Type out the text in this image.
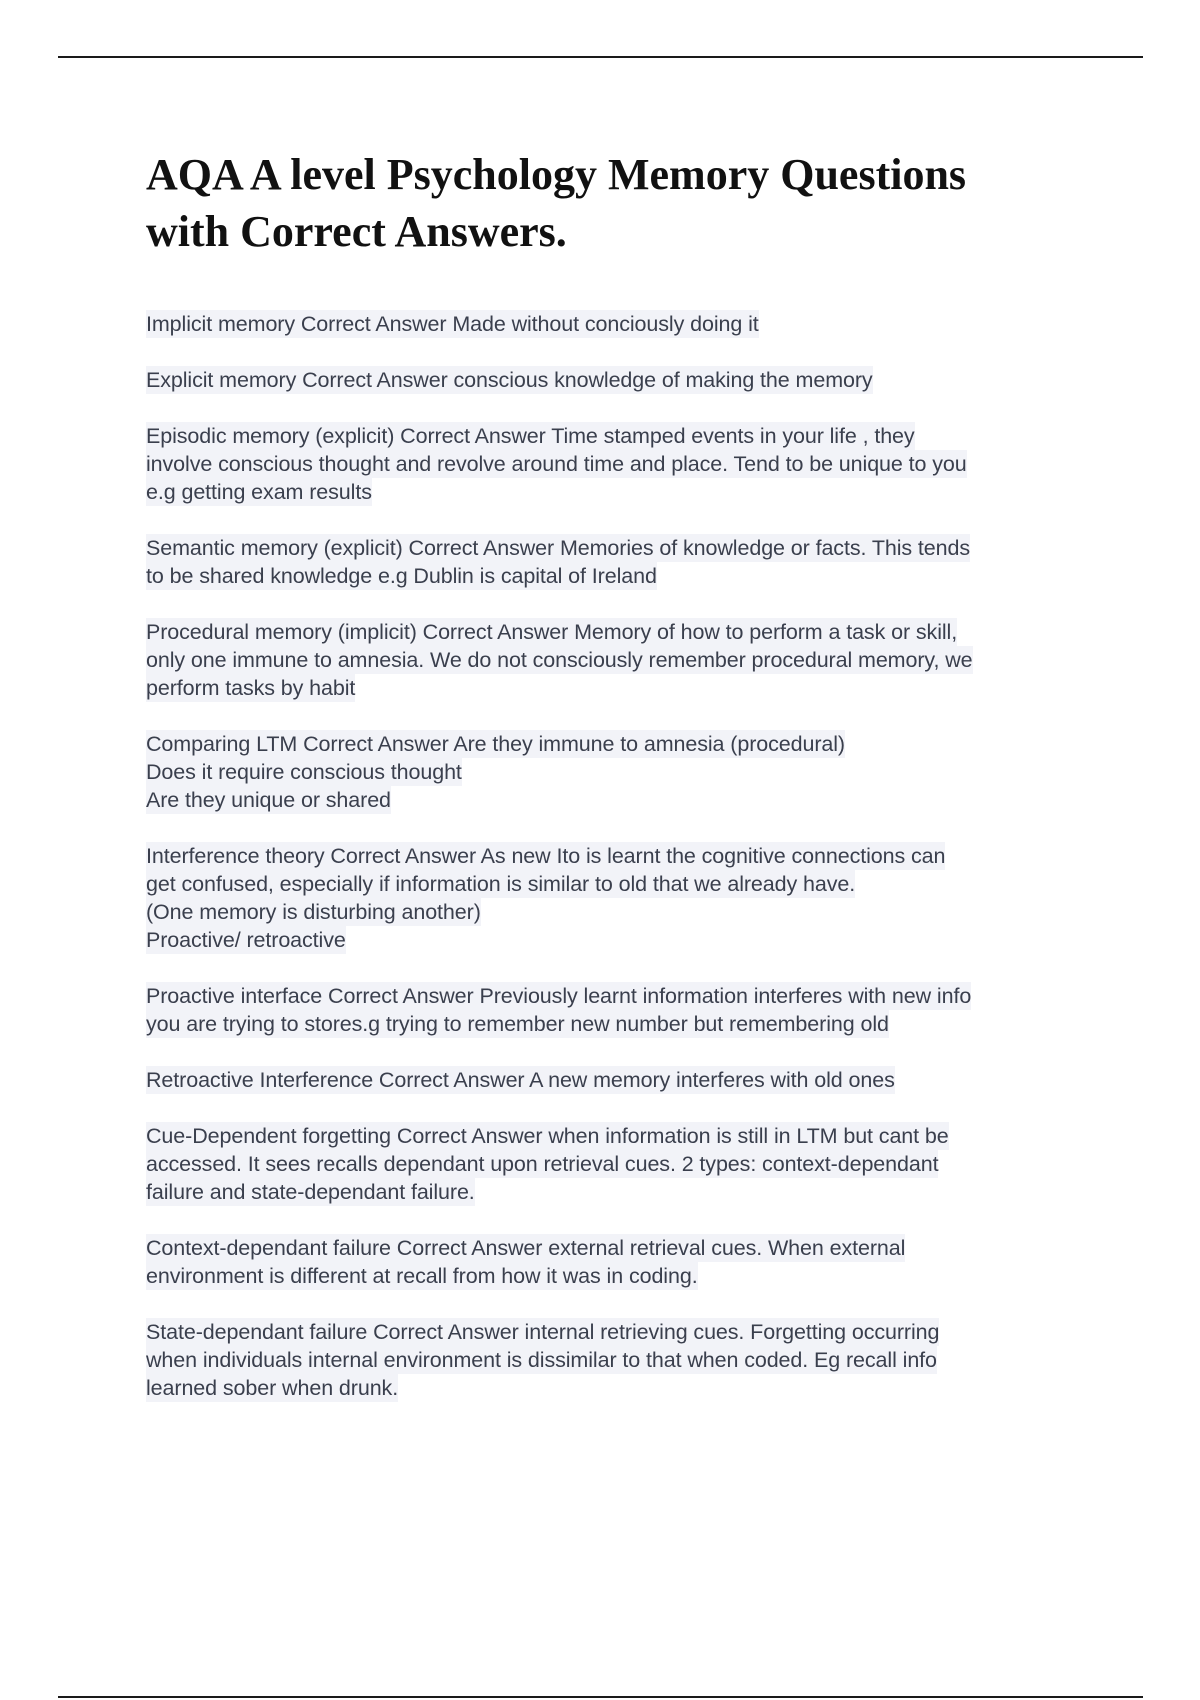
AQA A level Psychology Memory Questions
with Correct Answers.
Implicit memory Correct Answer Made without conciously doing it
Explicit memory Correct Answer conscious knowledge of making the memory
Episodic memory (explicit) Correct Answer Time stamped events in your life , they
involve conscious thought and revolve around time and place. Tend to be unique to you
e.g getting exam results
Semantic memory (explicit) Correct Answer Memories of knowledge or facts. This tends
to be shared knowledge e.g Dublin is capital of Ireland
Procedural memory (implicit) Correct Answer Memory of how to perform a task or skill,
only one immune to amnesia. We do not consciously remember procedural memory, we
perform tasks by habit
Comparing LTM Correct Answer Are they immune to amnesia (procedural)
Does it require conscious thought
Are they unique or shared
Interference theory Correct Answer As new Ito is learnt the cognitive connections can
get confused, especially if information is similar to old that we already have.
(One memory is disturbing another)
Proactive/ retroactive
Proactive interface Correct Answer Previously learnt information interferes with new info
you are trying to stores.g trying to remember new number but remembering old
Retroactive Interference Correct Answer A new memory interferes with old ones
Cue-Dependent forgetting Correct Answer when information is still in LTM but cant be
accessed. It sees recalls dependant upon retrieval cues. 2 types: context-dependant
failure and state-dependant failure.
Context-dependant failure Correct Answer external retrieval cues. When external
environment is different at recall from how it was in coding.
State-dependant failure Correct Answer internal retrieving cues. Forgetting occurring
when individuals internal environment is dissimilar to that when coded. Eg recall info
learned sober when drunk.
